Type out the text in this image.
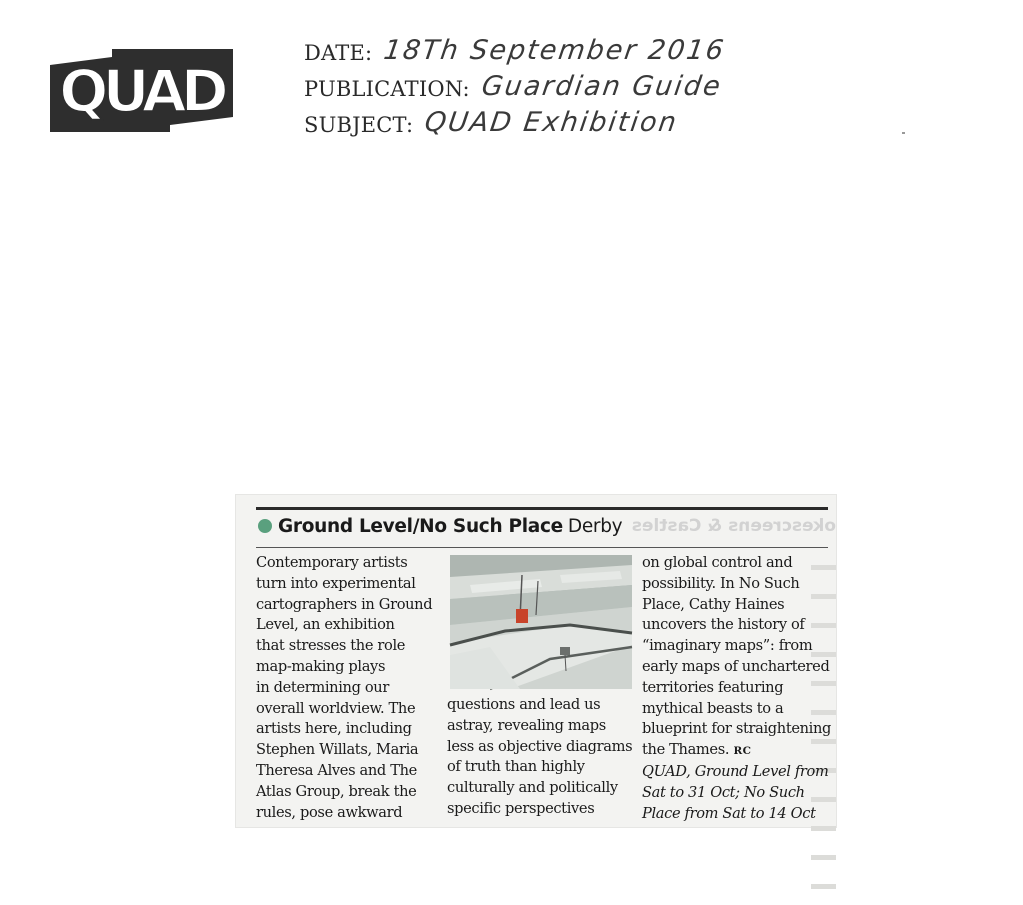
QUAD
DATE: 18Th September 2016
PUBLICATION: Guardian Guide
SUBJECT: QUAD Exhibition
okescreens & Castles
Ground Level/No Such Place Derby

Contemporary artists
turn into experimental
cartographers in Ground
Level, an exhibition
that stresses the role
map-making plays
in determining our
overall worldview. The
artists here, including
Stephen Willats, Maria
Theresa Alves and The
Atlas Group, break the
rules, pose awkward

questions and lead us
astray, revealing maps
less as objective diagrams
of truth than highly
culturally and politically
specific perspectives

on global control and
possibility. In No Such
Place, Cathy Haines
uncovers the history of
“imaginary maps”: from
early maps of unchartered
territories featuring
mythical beasts to a
blueprint for straightening
the Thames. RC

QUAD, Ground Level from
Sat to 31 Oct; No Such
Place from Sat to 14 Oct
